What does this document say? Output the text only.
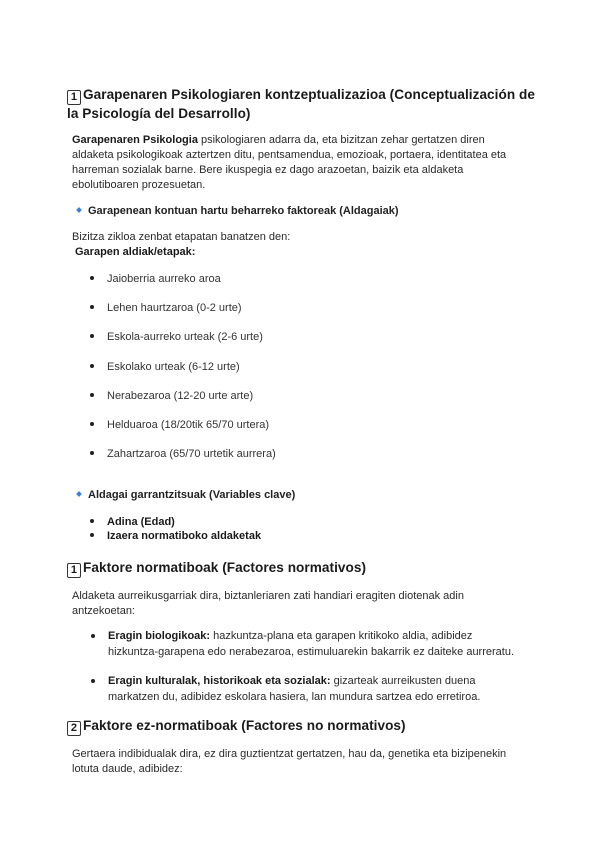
1 Garapenaren Psikologiaren kontzeptualizazioa (Conceptualización de
la Psicología del Desarrollo)
Garapenaren Psikologia psikologiaren adarra da, eta bizitzan zehar gertatzen diren
aldaketa psikologikoak aztertzen ditu, pentsamendua, emozioak, portaera, identitatea eta
harreman sozialak barne. Bere ikuspegia ez dago arazoetan, baizik eta aldaketa
ebolutiboaren prozesuetan.
Garapenean kontuan hartu beharreko faktoreak (Aldagaiak)
Bizitza zikloa zenbat etapatan banatzen den:
Garapen aldiak/etapak:
Jaioberria aurreko aroa
Lehen haurtzaroa (0-2 urte)
Eskola-aurreko urteak (2-6 urte)
Eskolako urteak (6-12 urte)
Nerabezaroa (12-20 urte arte)
Helduaroa (18/20tik 65/70 urtera)
Zahartzaroa (65/70 urtetik aurrera)
Aldagai garrantzitsuak (Variables clave)
Adina (Edad)
Izaera normatiboko aldaketak
1 Faktore normatiboak (Factores normativos)
Aldaketa aurreikusgarriak dira, biztanleriaren zati handiari eragiten diotenak adin
antzekoetan:
Eragin biologikoak: hazkuntza-plana eta garapen kritikoko aldia, adibidez
hizkuntza-garapena edo nerabezaroa, estimuluarekin bakarrik ez daiteke aurreratu.
Eragin kulturalak, historikoak eta sozialak: gizarteak aurreikusten duena
markatzen du, adibidez eskolara hasiera, lan mundura sartzea edo erretiroa.
2 Faktore ez-normatiboak (Factores no normativos)
Gertaera indibidualak dira, ez dira guztientzat gertatzen, hau da, genetika eta bizipenekin
lotuta daude, adibidez:
